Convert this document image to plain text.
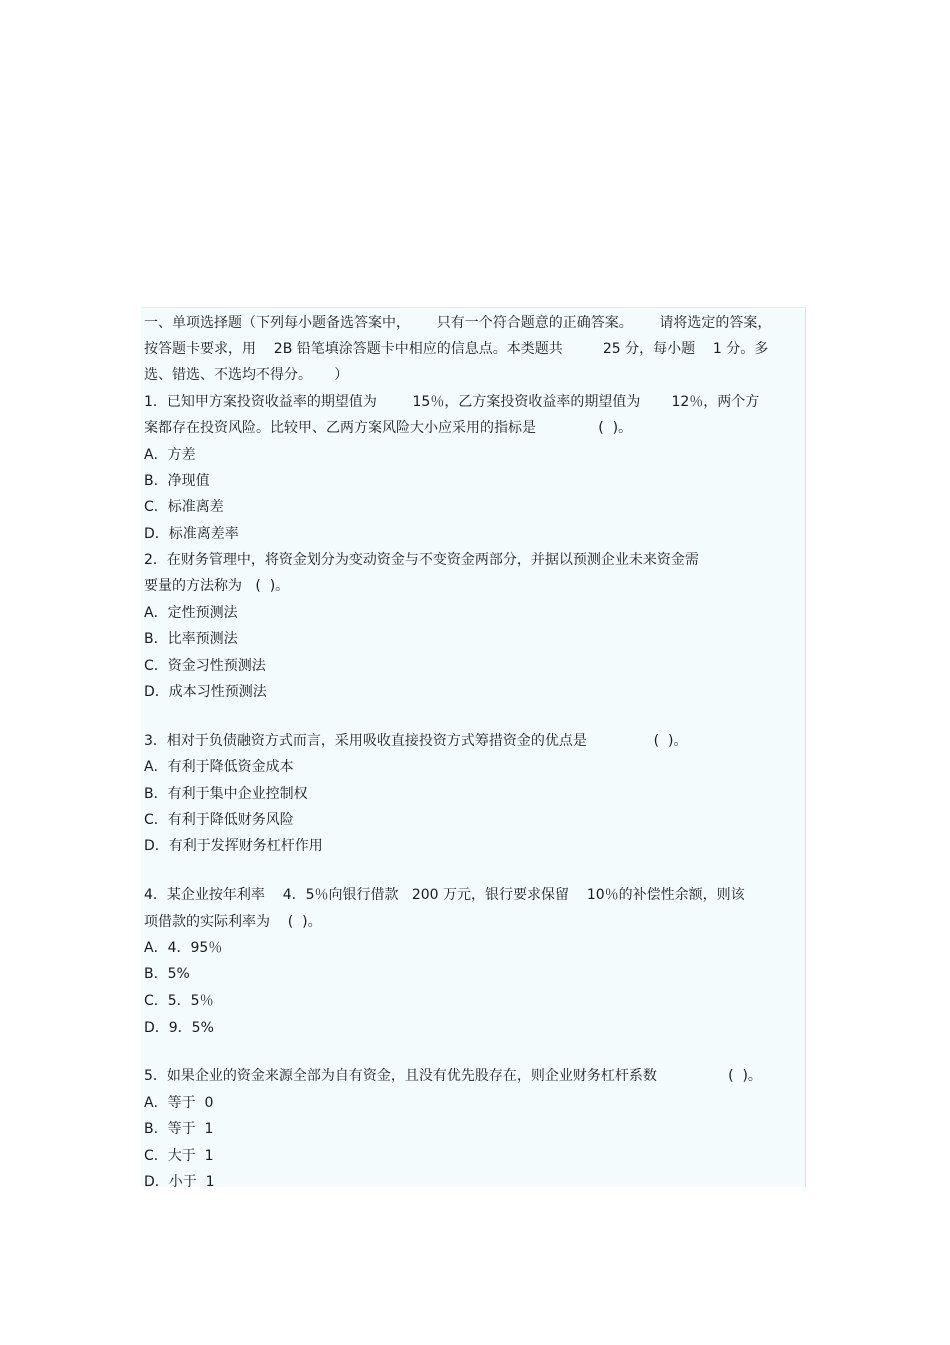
一、单项选择题（下列每小题备选答案中，      只有一个符合题意的正确答案。      请将选定的答案，
按答题卡要求，用    2B 铅笔填涂答题卡中相应的信息点。本类题共         25 分，每小题    1 分。多
选、错选、不选均不得分。     ）
1．已知甲方案投资收益率的期望值为        15％，乙方案投资收益率的期望值为       12％，两个方
案都存在投资风险。比较甲、乙两方案风险大小应采用的指标是              (  )。
A．方差
B．净现值
C．标准离差
D．标准离差率
2．在财务管理中，将资金划分为变动资金与不变资金两部分，并据以预测企业未来资金需
要量的方法称为   (  )。
A．定性预测法
B．比率预测法
C．资金习性预测法
D．成本习性预测法
3．相对于负债融资方式而言，采用吸收直接投资方式筹措资金的优点是               (  )。
A．有利于降低资金成本
B．有利于集中企业控制权
C．有利于降低财务风险
D．有利于发挥财务杠杆作用
4．某企业按年利率    4．5％向银行借款   200 万元，银行要求保留    10％的补偿性余额，则该
项借款的实际利率为    (  )。
A．4．95％
B．5%
C．5．5％
D．9．5%
5．如果企业的资金来源全部为自有资金，且没有优先股存在，则企业财务杠杆系数                (  )。
A．等于  0
B．等于  1
C．大于  1
D．小于  1
